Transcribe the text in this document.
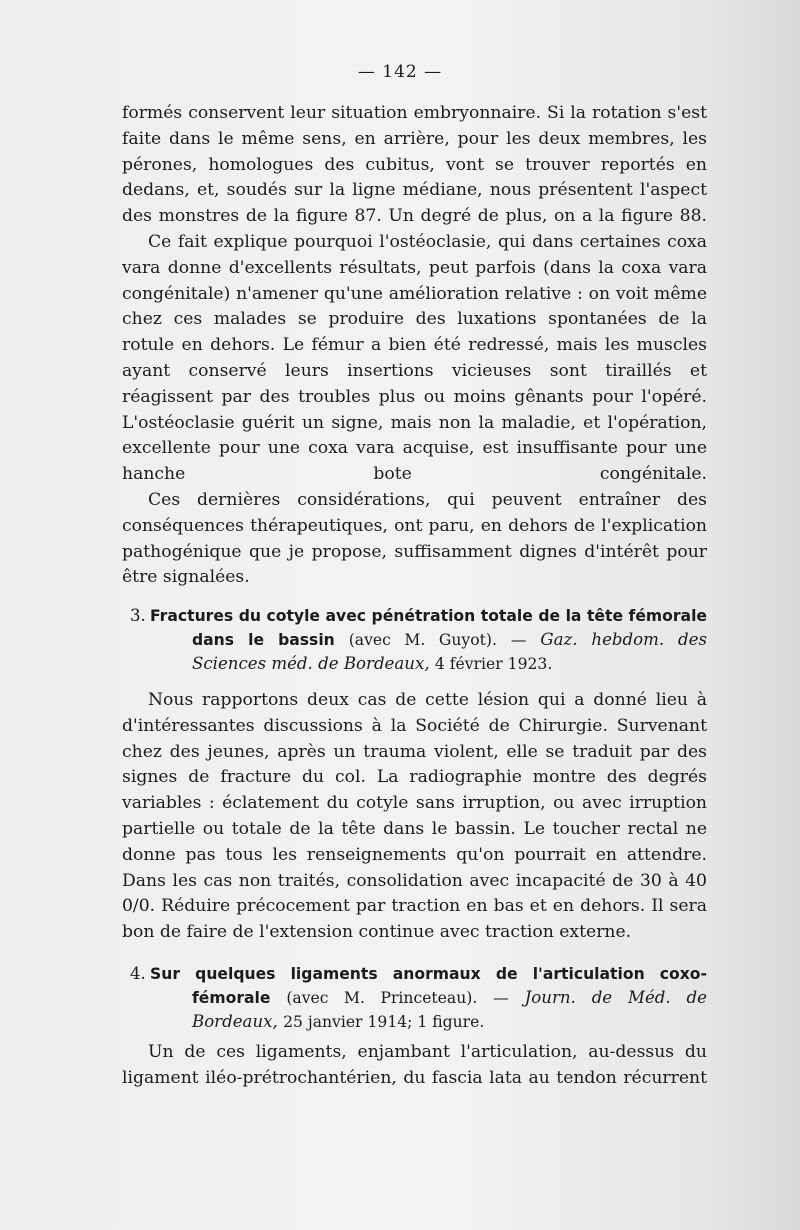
— 142 —

formés conservent leur situation embryonnaire. Si la rotation s'est faite dans le même sens, en arrière, pour les deux membres, les pérones, homologues des cubitus, vont se trouver reportés en dedans, et, soudés sur la ligne médiane, nous présentent l'aspect des monstres de la figure 87. Un degré de plus, on a la figure 88.

Ce fait explique pourquoi l'ostéoclasie, qui dans certaines coxa vara donne d'excellents résultats, peut parfois (dans la coxa vara congénitale) n'amener qu'une amélioration relative : on voit même chez ces malades se produire des luxations spontanées de la rotule en dehors. Le fémur a bien été redressé, mais les muscles ayant conservé leurs insertions vicieuses sont tiraillés et réagissent par des troubles plus ou moins gênants pour l'opéré. L'ostéoclasie guérit un signe, mais non la maladie, et l'opération, excellente pour une coxa vara acquise, est insuffisante pour une hanche bote congénitale.

Ces dernières considérations, qui peuvent entraîner des conséquences thérapeutiques, ont paru, en dehors de l'explication pathogénique que je propose, suffisamment dignes d'intérêt pour être signalées.

3. Fractures du cotyle avec pénétration totale de la tête fémorale dans le bassin (avec M. Guyot). — Gaz. hebdom. des Sciences méd. de Bordeaux, 4 février 1923.

Nous rapportons deux cas de cette lésion qui a donné lieu à d'intéressantes discussions à la Société de Chirurgie. Survenant chez des jeunes, après un trauma violent, elle se traduit par des signes de fracture du col. La radiographie montre des degrés variables : éclatement du cotyle sans irruption, ou avec irruption partielle ou totale de la tête dans le bassin. Le toucher rectal ne donne pas tous les renseignements qu'on pourrait en attendre. Dans les cas non traités, consolidation avec incapacité de 30 à 40 0/0. Réduire précocement par traction en bas et en dehors. Il sera bon de faire de l'extension continue avec traction externe.

4. Sur quelques ligaments anormaux de l'articulation coxo-fémorale (avec M. Princeteau). — Journ. de Méd. de Bordeaux, 25 janvier 1914; 1 figure.

Un de ces ligaments, enjambant l'articulation, au-dessus du ligament iléo-prétrochantérien, du fascia lata au tendon récurrent
